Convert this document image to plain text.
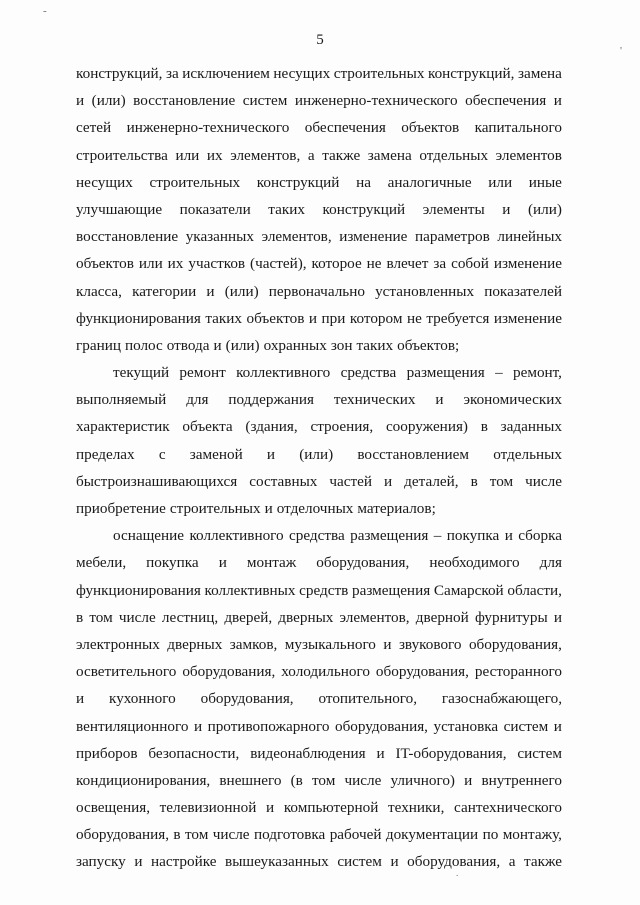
-
'
.
5
конструкций, за исключением несущих строительных конструкций, замена
и (или) восстановление систем инженерно-технического обеспечения и
сетей инженерно-технического обеспечения объектов капитального
строительства или их элементов, а также замена отдельных элементов
несущих строительных конструкций на аналогичные или иные
улучшающие показатели таких конструкций элементы и (или)
восстановление указанных элементов, изменение параметров линейных
объектов или их участков (частей), которое не влечет за собой изменение
класса, категории и (или) первоначально установленных показателей
функционирования таких объектов и при котором не требуется изменение
границ полос отвода и (или) охранных зон таких объектов;
текущий ремонт коллективного средства размещения – ремонт,
выполняемый для поддержания технических и экономических
характеристик объекта (здания, строения, сооружения) в заданных
пределах с заменой и (или) восстановлением отдельных
быстроизнашивающихся составных частей и деталей, в том числе
приобретение строительных и отделочных материалов;
оснащение коллективного средства размещения – покупка и сборка
мебели, покупка и монтаж оборудования, необходимого для
функционирования коллективных средств размещения Самарской области,
в том числе лестниц, дверей, дверных элементов, дверной фурнитуры и
электронных дверных замков, музыкального и звукового оборудования,
осветительного оборудования, холодильного оборудования, ресторанного
и кухонного оборудования, отопительного, газоснабжающего,
вентиляционного и противопожарного оборудования, установка систем и
приборов безопасности, видеонаблюдения и IT-оборудования, систем
кондиционирования, внешнего (в том числе уличного) и внутреннего
освещения, телевизионной и компьютерной техники, сантехнического
оборудования, в том числе подготовка рабочей документации по монтажу,
запуску и настройке вышеуказанных систем и оборудования, а также
